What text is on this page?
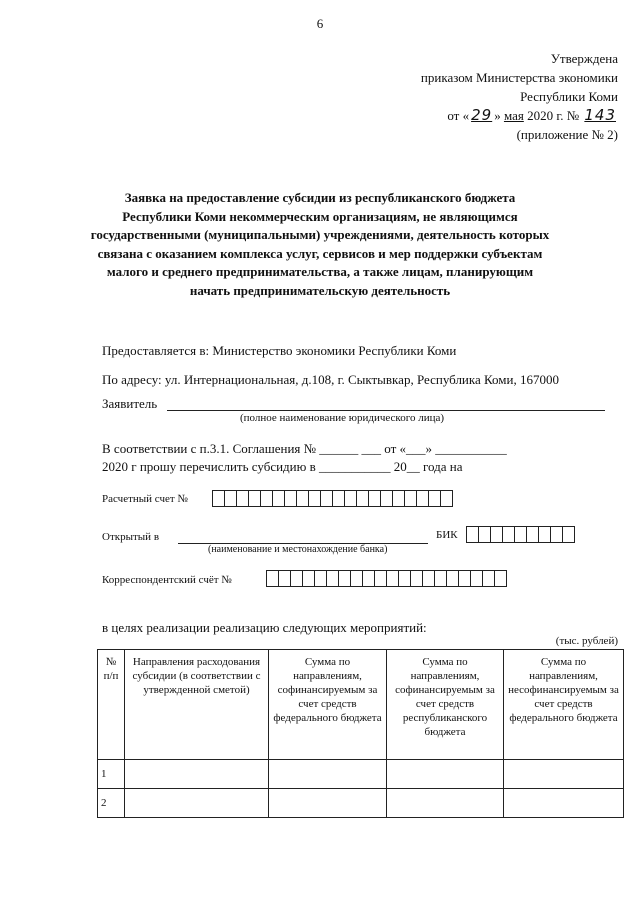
6
Утверждена
приказом Министерства экономики
Республики Коми
от « 29 » мая 2020 г. № 143
(приложение № 2)
Заявка на предоставление субсидии из республиканского бюджета Республики Коми некоммерческим организациям, не являющимся государственными (муниципальными) учреждениями, деятельность которых связана с оказанием комплекса услуг, сервисов и мер поддержки субъектам малого и среднего предпринимательства, а также лицам, планирующим начать предпринимательскую деятельность
Предоставляется в: Министерство экономики Республики Коми
По адресу: ул. Интернациональная, д.108, г. Сыктывкар, Республика Коми, 167000
Заявитель
(полное наименование юридического лица)
В соответствии с п.3.1. Соглашения № ______ ___ от «___» ___________
2020 г прошу перечислить субсидию в ___________ 20__ года на
Расчетный счет №
Открытый в
(наименование и местонахождение банка)
БИК
Корреспондентский счёт №
в целях реализации реализацию следующих мероприятий:
(тыс. рублей)
№ п/п	Направления расходования субсидии (в соответствии с утвержденной сметой)	Сумма по направлениям, софинансируемым за счет средств федерального бюджета	Сумма по направлениям, софинансируемым за счет средств республиканского бюджета	Сумма по направлениям, несофинансируемым за счет средств федерального бюджета
1				
2				
